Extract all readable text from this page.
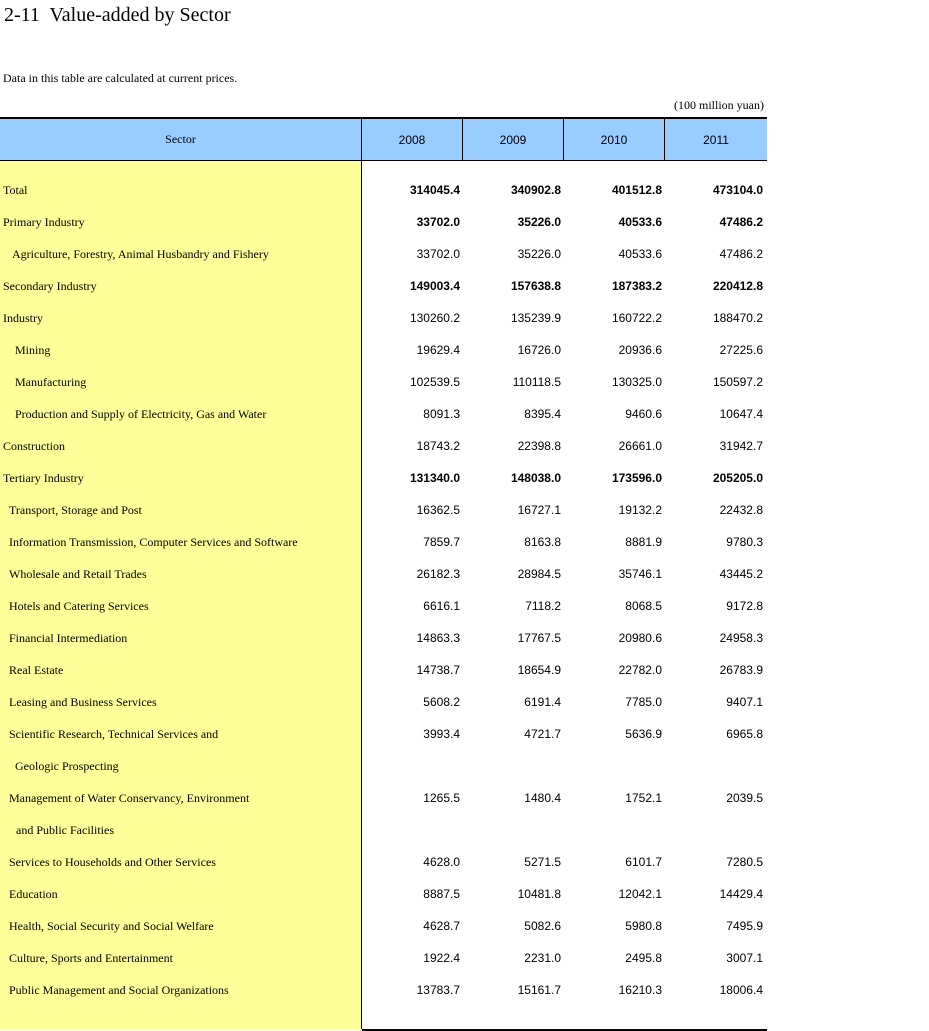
2-11  Value-added by Sector
Data in this table are calculated at current prices.
(100 million yuan)
Sector	2008	2009	2010	2011
Total	314045.4	340902.8	401512.8	473104.0
Primary Industry	33702.0	35226.0	40533.6	47486.2
Agriculture, Forestry, Animal Husbandry and Fishery	33702.0	35226.0	40533.6	47486.2
Secondary Industry	149003.4	157638.8	187383.2	220412.8
Industry	130260.2	135239.9	160722.2	188470.2
Mining	19629.4	16726.0	20936.6	27225.6
Manufacturing	102539.5	110118.5	130325.0	150597.2
Production and Supply of Electricity, Gas and Water	8091.3	8395.4	9460.6	10647.4
Construction	18743.2	22398.8	26661.0	31942.7
Tertiary Industry	131340.0	148038.0	173596.0	205205.0
Transport, Storage and Post	16362.5	16727.1	19132.2	22432.8
Information Transmission, Computer Services and Software	7859.7	8163.8	8881.9	9780.3
Wholesale and Retail Trades	26182.3	28984.5	35746.1	43445.2
Hotels and Catering Services	6616.1	7118.2	8068.5	9172.8
Financial Intermediation	14863.3	17767.5	20980.6	24958.3
Real Estate	14738.7	18654.9	22782.0	26783.9
Leasing and Business Services	5608.2	6191.4	7785.0	9407.1
Scientific Research, Technical Services and	3993.4	4721.7	5636.9	6965.8
Geologic Prospecting
Management of Water Conservancy, Environment	1265.5	1480.4	1752.1	2039.5
and Public Facilities
Services to Households and Other Services	4628.0	5271.5	6101.7	7280.5
Education	8887.5	10481.8	12042.1	14429.4
Health, Social Security and Social Welfare	4628.7	5082.6	5980.8	7495.9
Culture, Sports and Entertainment	1922.4	2231.0	2495.8	3007.1
Public Management and Social Organizations	13783.7	15161.7	16210.3	18006.4
